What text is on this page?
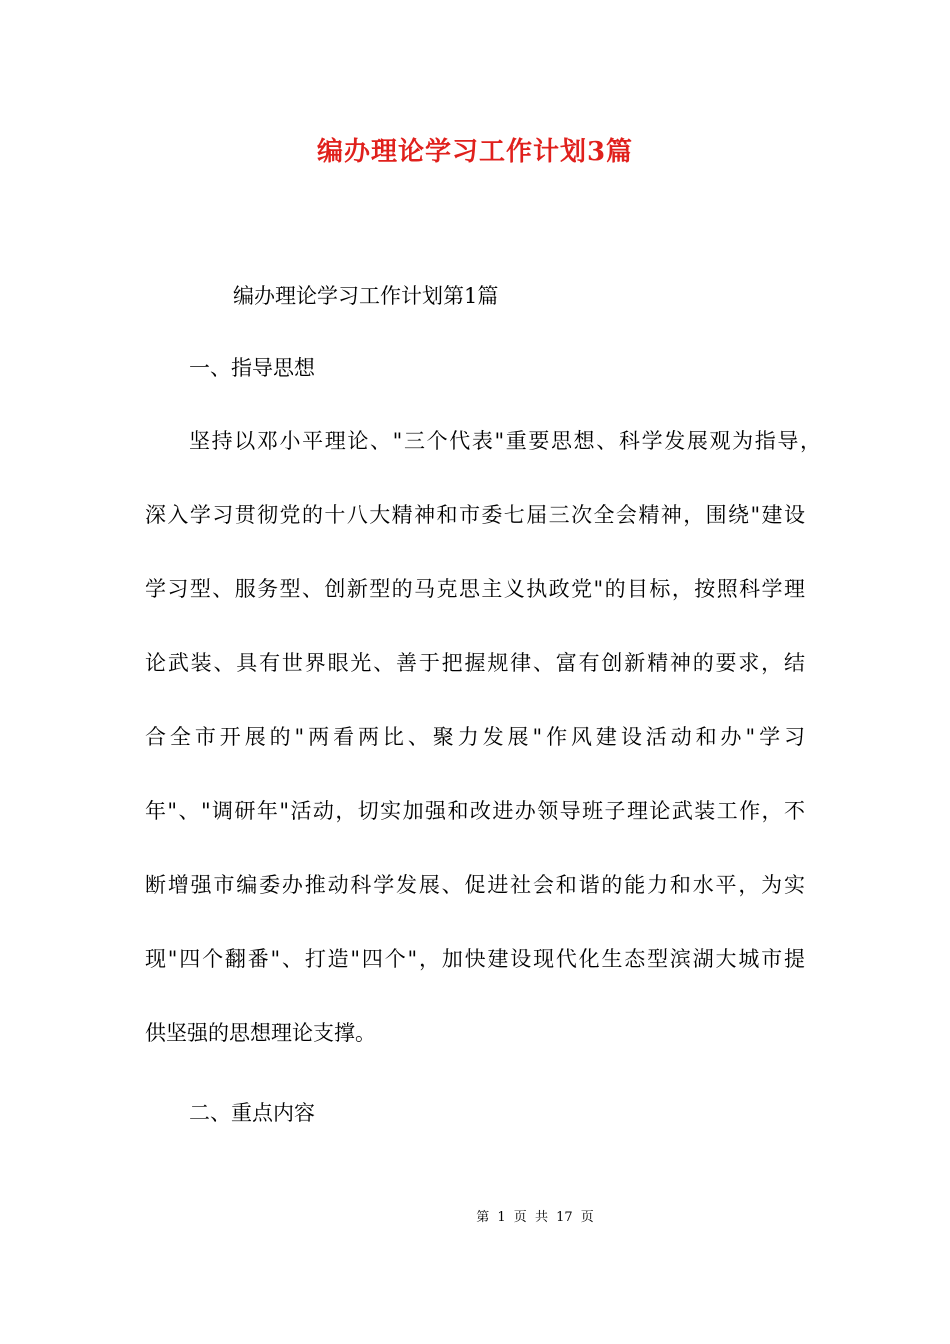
编办理论学习工作计划3篇
编办理论学习工作计划第1篇
一、指导思想
坚持以邓小平理论、"三个代表"重要思想、科学发展观为指导，
深入学习贯彻党的十八大精神和市委七届三次全会精神，围绕"建设
学习型、服务型、创新型的马克思主义执政党"的目标，按照科学理
论武装、具有世界眼光、善于把握规律、富有创新精神的要求，结
合全市开展的"两看两比、聚力发展"作风建设活动和办"学习
年"、"调研年"活动，切实加强和改进办领导班子理论武装工作，不
断增强市编委办推动科学发展、促进社会和谐的能力和水平，为实
现"四个翻番"、打造"四个"，加快建设现代化生态型滨湖大城市提
供坚强的思想理论支撑。
二、重点内容
第 1 页 共 17 页
